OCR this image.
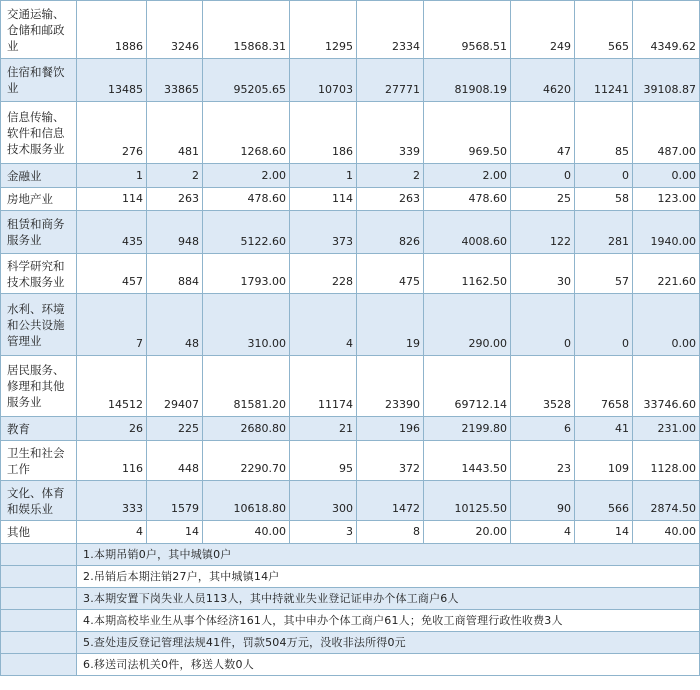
交通运输、仓储和邮政业	1886	3246	15868.31	1295	2334	9568.51	249	565	4349.62
住宿和餐饮业	13485	33865	95205.65	10703	27771	81908.19	4620	11241	39108.87
信息传输、软件和信息技术服务业	276	481	1268.60	186	339	969.50	47	85	487.00
金融业	1	2	2.00	1	2	2.00	0	0	0.00
房地产业	114	263	478.60	114	263	478.60	25	58	123.00
租赁和商务服务业	435	948	5122.60	373	826	4008.60	122	281	1940.00
科学研究和技术服务业	457	884	1793.00	228	475	1162.50	30	57	221.60
水利、环境和公共设施管理业	7	48	310.00	4	19	290.00	0	0	0.00
居民服务、修理和其他服务业	14512	29407	81581.20	11174	23390	69712.14	3528	7658	33746.60
教育	26	225	2680.80	21	196	2199.80	6	41	231.00
卫生和社会工作	116	448	2290.70	95	372	1443.50	23	109	1128.00
文化、体育和娱乐业	333	1579	10618.80	300	1472	10125.50	90	566	2874.50
其他	4	14	40.00	3	8	20.00	4	14	40.00
	1.本期吊销0户，其中城镇0户								
	2.吊销后本期注销27户，其中城镇14户								
	3.本期安置下岗失业人员113人，其中持就业失业登记证申办个体工商户6人								
	4.本期高校毕业生从事个体经济161人，其中申办个体工商户61人；免收工商管理行政性收费3人								
	5.查处违反登记管理法规41件，罚款504万元，没收非法所得0元								
	6.移送司法机关0件，移送人数0人								
